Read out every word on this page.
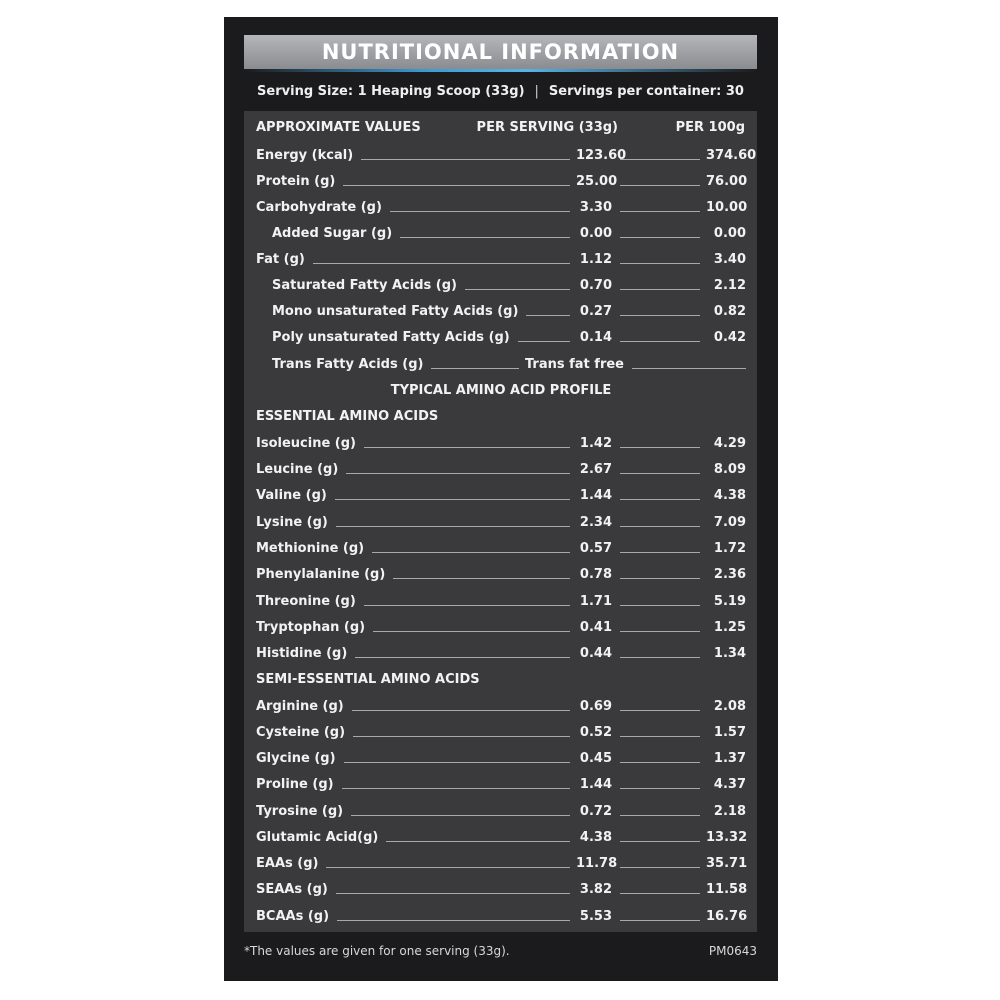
NUTRITIONAL INFORMATION
Serving Size: 1 Heaping Scoop (33g) | Servings per container: 30
APPROXIMATE VALUES	PER SERVING (33g)	PER 100g
Energy (kcal)	123.60	374.60
Protein (g)	25.00	76.00
Carbohydrate (g)	3.30	10.00
Added Sugar (g)	0.00	0.00
Fat (g)	1.12	3.40
Saturated Fatty Acids (g)	0.70	2.12
Mono unsaturated Fatty Acids (g)	0.27	0.82
Poly unsaturated Fatty Acids (g)	0.14	0.42
Trans Fatty Acids (g)	Trans fat free
TYPICAL AMINO ACID PROFILE
ESSENTIAL AMINO ACIDS
Isoleucine (g)	1.42	4.29
Leucine (g)	2.67	8.09
Valine (g)	1.44	4.38
Lysine (g)	2.34	7.09
Methionine (g)	0.57	1.72
Phenylalanine (g)	0.78	2.36
Threonine (g)	1.71	5.19
Tryptophan (g)	0.41	1.25
Histidine (g)	0.44	1.34
SEMI-ESSENTIAL AMINO ACIDS
Arginine (g)	0.69	2.08
Cysteine (g)	0.52	1.57
Glycine (g)	0.45	1.37
Proline (g)	1.44	4.37
Tyrosine (g)	0.72	2.18
Glutamic Acid(g)	4.38	13.32
EAAs (g)	11.78	35.71
SEAAs (g)	3.82	11.58
BCAAs (g)	5.53	16.76
*The values are given for one serving (33g).	PM0643
